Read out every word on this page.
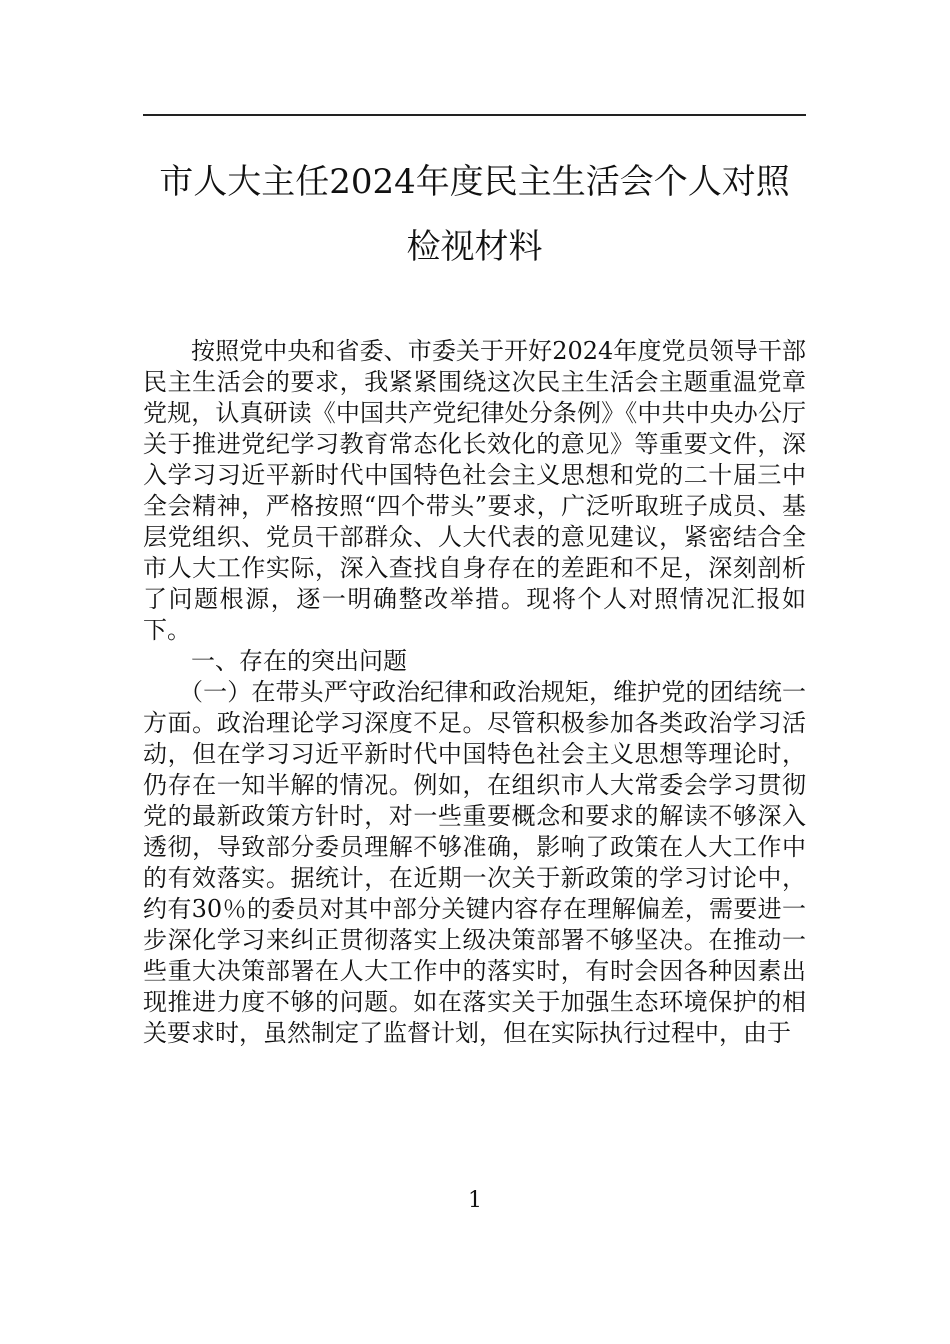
市人大主任2024年度民主生活会个人对照
检视材料

按照党中央和省委、市委关于开好2024年度党员领导干部民主生活会的要求，我紧紧围绕这次民主生活会主题重温党章党规，认真研读《中国共产党纪律处分条例》《中共中央办公厅关于推进党纪学习教育常态化长效化的意见》等重要文件，深入学习习近平新时代中国特色社会主义思想和党的二十届三中全会精神，严格按照“四个带头”要求，广泛听取班子成员、基层党组织、党员干部群众、人大代表的意见建议，紧密结合全市人大工作实际，深入查找自身存在的差距和不足，深刻剖析了问题根源，逐一明确整改举措。现将个人对照情况汇报如下。

一、存在的突出问题

（一）在带头严守政治纪律和政治规矩，维护党的团结统一方面。政治理论学习深度不足。尽管积极参加各类政治学习活动，但在学习习近平新时代中国特色社会主义思想等理论时，仍存在一知半解的情况。例如，在组织市人大常委会学习贯彻党的最新政策方针时，对一些重要概念和要求的解读不够深入透彻，导致部分委员理解不够准确，影响了政策在人大工作中的有效落实。据统计，在近期一次关于新政策的学习讨论中，约有30％的委员对其中部分关键内容存在理解偏差，需要进一步深化学习来纠正贯彻落实上级决策部署不够坚决。在推动一些重大决策部署在人大工作中的落实时，有时会因各种因素出现推进力度不够的问题。如在落实关于加强生态环境保护的相关要求时，虽然制定了监督计划，但在实际执行过程中，由于

1
